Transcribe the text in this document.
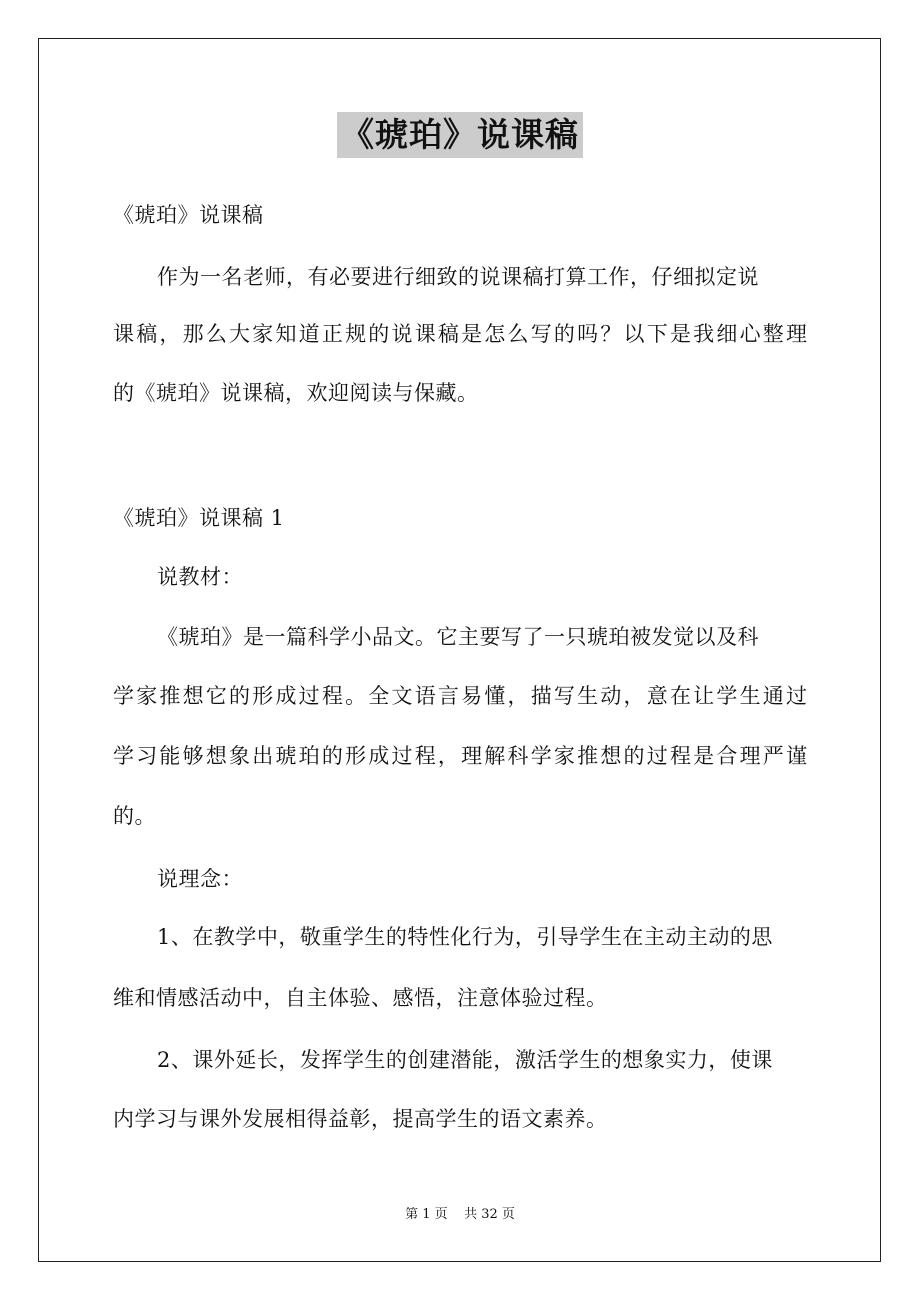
《琥珀》说课稿
《琥珀》说课稿
作为一名老师，有必要进行细致的说课稿打算工作，仔细拟定说
课稿，那么大家知道正规的说课稿是怎么写的吗？以下是我细心整理
的《琥珀》说课稿，欢迎阅读与保藏。
《琥珀》说课稿 1
说教材：
《琥珀》是一篇科学小品文。它主要写了一只琥珀被发觉以及科
学家推想它的形成过程。全文语言易懂，描写生动，意在让学生通过
学习能够想象出琥珀的形成过程，理解科学家推想的过程是合理严谨
的。
说理念：
1、在教学中，敬重学生的特性化行为，引导学生在主动主动的思
维和情感活动中，自主体验、感悟，注意体验过程。
2、课外延长，发挥学生的创建潜能，激活学生的想象实力，使课
内学习与课外发展相得益彰，提高学生的语文素养。
第 1 页    共 32 页
